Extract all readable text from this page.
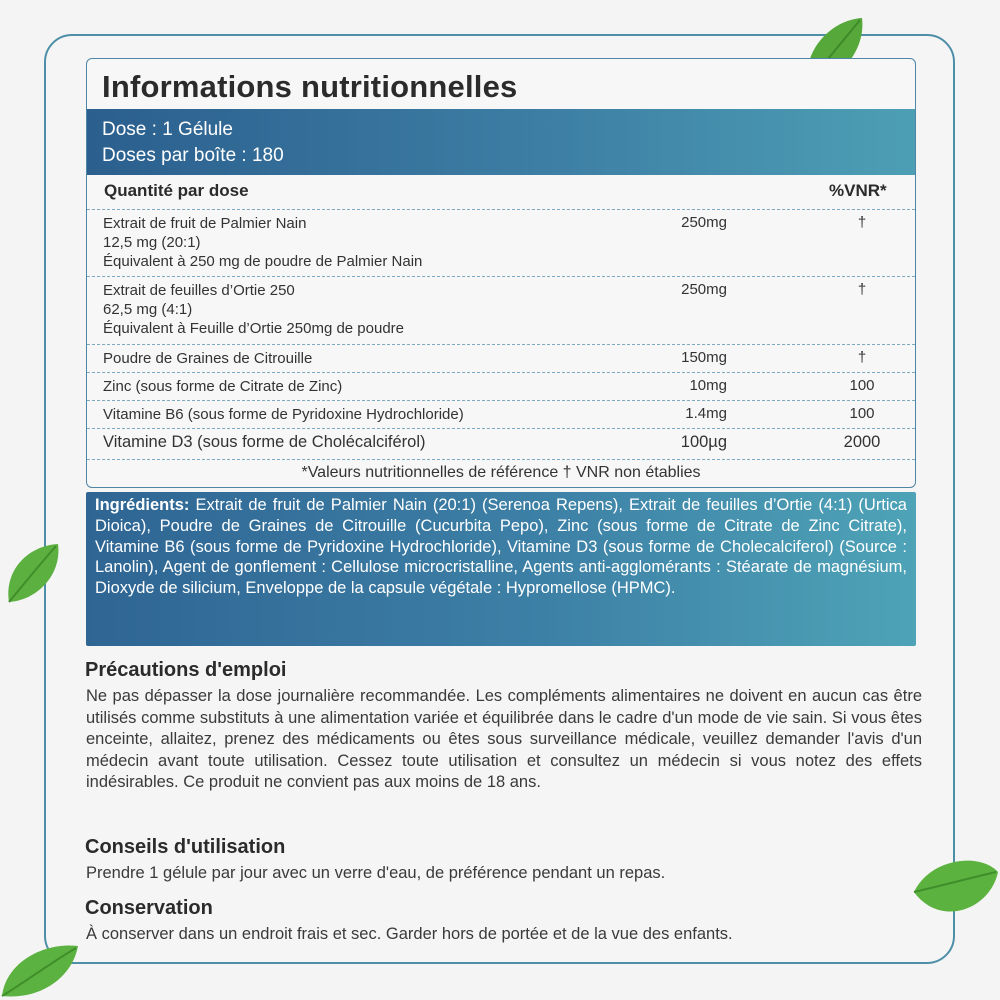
Informations nutritionnelles
Dose : 1 Gélule
Doses par boîte : 180
Quantité par dose	%VNR*
Extrait de fruit de Palmier Nain
12,5 mg (20:1)
Équivalent à 250 mg de poudre de Palmier Nain
250mg	†
Extrait de feuilles d’Ortie 250
62,5 mg (4:1)
Équivalent à Feuille d’Ortie 250mg de poudre
250mg	†
Poudre de Graines de Citrouille	150mg	†
Zinc (sous forme de Citrate de Zinc)	10mg	100
Vitamine B6 (sous forme de Pyridoxine Hydrochloride)	1.4mg	100
Vitamine D3 (sous forme de Cholécalciférol)	100µg	2000
*Valeurs nutritionnelles de référence † VNR non établies
Ingrédients: Extrait de fruit de Palmier Nain (20:1) (Serenoa Repens), Extrait de feuilles d’Ortie (4:1) (Urtica Dioica), Poudre de Graines de Citrouille (Cucurbita Pepo), Zinc (sous forme de Citrate de Zinc Citrate), Vitamine B6 (sous forme de Pyridoxine Hydrochloride), Vitamine D3 (sous forme de Cholecalciferol) (Source : Lanolin), Agent de gonflement : Cellulose microcristalline, Agents anti-agglomérants : Stéarate de magnésium, Dioxyde de silicium, Enveloppe de la capsule végétale : Hypromellose (HPMC).
Précautions d'emploi
Ne pas dépasser la dose journalière recommandée. Les compléments alimentaires ne doivent en aucun cas être utilisés comme substituts à une alimentation variée et équilibrée dans le cadre d'un mode de vie sain. Si vous êtes enceinte, allaitez, prenez des médicaments ou êtes sous surveillance médicale, veuillez demander l'avis d'un médecin avant toute utilisation. Cessez toute utilisation et consultez un médecin si vous notez des effets indésirables. Ce produit ne convient pas aux moins de 18 ans.
Conseils d'utilisation
Prendre 1 gélule par jour avec un verre d'eau, de préférence pendant un repas.
Conservation
À conserver dans un endroit frais et sec. Garder hors de portée et de la vue des enfants.
